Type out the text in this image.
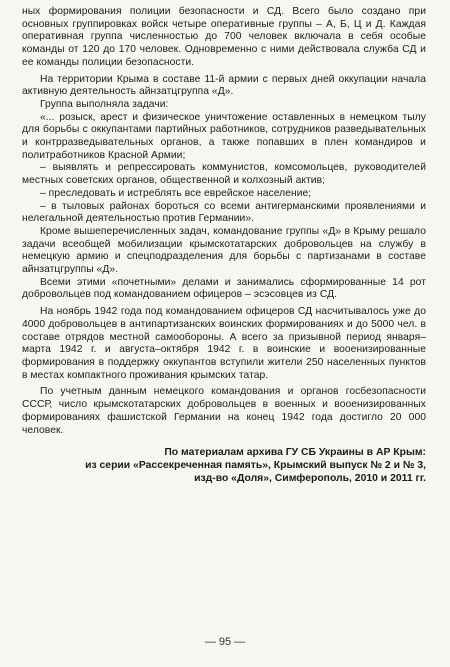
ных формирования полиции безопасности и СД. Всего было создано при основных группировках войск четыре оперативные группы – А, Б, Ц и Д. Каждая оперативная группа численностью до 700 человек включала в себя особые команды от 120 до 170 человек. Одновременно с ними действовала служба СД и ее команды полиции безопасности.

На территории Крыма в составе 11-й армии с первых дней оккупации начала активную деятельность айнзатцгруппа «Д».

Группа выполняла задачи:

«... розыск, арест и физическое уничтожение оставленных в немецком тылу для борьбы с оккупантами партийных работников, сотрудников разведывательных и контрразведывательных органов, а также попавших в плен командиров и политработников Красной Армии;

– выявлять и репрессировать коммунистов, комсомольцев, руководителей местных советских органов, общественной и колхозный актив;

– преследовать и истреблять все еврейское население;

– в тыловых районах бороться со всеми антигерманскими проявлениями и нелегальной деятельностью против Германии».

Кроме вышеперечисленных задач, командование группы «Д» в Крыму решало задачи всеобщей мобилизации крымскотатарских добровольцев на службу в немецкую армию и спецподразделения для борьбы с партизанами в составе айнзатцгруппы «Д».

Всеми этими «почетными» делами и занимались сформированные 14 рот добровольцев под командованием офицеров – эсэсовцев из СД.

На ноябрь 1942 года под командованием офицеров СД насчитывалось уже до 4000 добровольцев в антипартизанских воинских формированиях и до 5000 чел. в составе отрядов местной самообороны. А всего за призывной период января–марта 1942 г. и августа–октября 1942 г. в воинские и вооенизированные формирования в поддержку оккупантов вступили жители 250 населенных пунктов в местах компактного проживания крымских татар.

По учетным данным немецкого командования и органов госбезопасности СССР, число крымскотатарских добровольцев в военных и вооенизированных формированиях фашистской Германии на конец 1942 года достигло 20 000 человек.

По материалам архива ГУ СБ Украины в АР Крым:
из серии «Рассекреченная память», Крымский выпуск № 2 и № 3,
изд-во «Доля», Симферополь, 2010 и 2011 гг.
— 95 —
